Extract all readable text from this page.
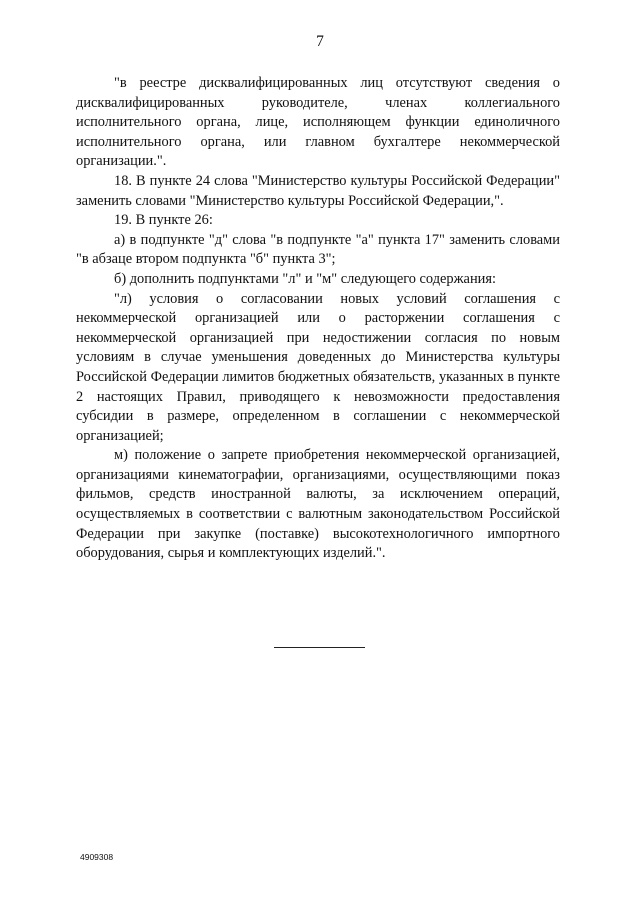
7

"в реестре дисквалифицированных лиц отсутствуют сведения о дисквалифицированных руководителе, членах коллегиального исполнительного органа, лице, исполняющем функции единоличного исполнительного органа, или главном бухгалтере некоммерческой организации.".

18. В пункте 24 слова "Министерство культуры Российской Федерации" заменить словами "Министерство культуры Российской Федерации,".

19. В пункте 26:

а) в подпункте "д" слова "в подпункте "а" пункта 17" заменить словами "в абзаце втором подпункта "б" пункта 3";

б) дополнить подпунктами "л" и "м" следующего содержания:

"л) условия о согласовании новых условий соглашения с некоммерческой организацией или о расторжении соглашения с некоммерческой организацией при недостижении согласия по новым условиям в случае уменьшения доведенных до Министерства культуры Российской Федерации лимитов бюджетных обязательств, указанных в пункте 2 настоящих Правил, приводящего к невозможности предоставления субсидии в размере, определенном в соглашении с некоммерческой организацией;

м) положение о запрете приобретения некоммерческой организацией, организациями кинематографии, организациями, осуществляющими показ фильмов, средств иностранной валюты, за исключением операций, осуществляемых в соответствии с валютным законодательством Российской Федерации при закупке (поставке) высокотехнологичного импортного оборудования, сырья и комплектующих изделий.".

4909308
